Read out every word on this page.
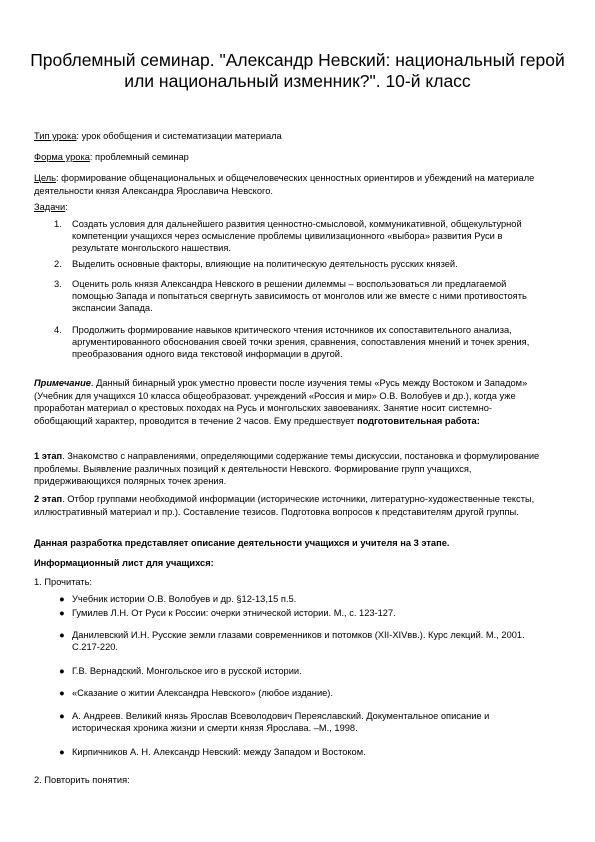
Проблемный семинар. "Александр Невский: национальный герой или национальный изменник?". 10-й класс
Тип урока: урок обобщения и систематизации материала
Форма урока: проблемный семинар
Цель: формирование общенациональных и общечеловеческих ценностных ориентиров и убеждений на материале деятельности князя Александра Ярославича Невского.
Задачи:
1. 1. Создать условия для дальнейшего развития ценностно-смысловой, коммуникативной, общекультурной компетенции учащихся через осмысление проблемы цивилизационного «выбора» развития Руси в результате монгольского нашествия.
2. 2. Выделить основные факторы, влияющие на политическую деятельность русских князей.
3. 3. Оценить роль князя Александра Невского в решении дилеммы – воспользоваться ли предлагаемой помощью Запада и попытаться свергнуть зависимость от монголов или же вместе с ними противостоять экспансии Запада.
4. 4. Продолжить формирование навыков критического чтения источников их сопоставительного анализа, аргументированного обоснования своей точки зрения, сравнения, сопоставления мнений и точек зрения, преобразования одного вида текстовой информации в другой.
Примечание. Данный бинарный урок уместно провести после изучения темы «Русь между Востоком и Западом» (Учебник для учащихся 10 класса общеобразоват. учреждений «Россия и мир» О.В. Волобуев и др.), когда уже проработан материал о крестовых походах на Русь и монгольских завоеваниях. Занятие носит системно-обобщающий характер, проводится в течение 2 часов. Ему предшествует подготовительная работа:
1 этап. Знакомство с направлениями, определяющими содержание темы дискуссии, постановка и формулирование проблемы. Выявление различных позиций к деятельности Невского. Формирование групп учащихся, придерживающихся полярных точек зрения.
2 этап. Отбор группами необходимой информации (исторические источники, литературно-художественные тексты, иллюстративный материал и пр.). Составление тезисов. Подготовка вопросов к представителям другой группы.
Данная разработка представляет описание деятельности учащихся и учителя на 3 этапе.
Информационный лист для учащихся:
1. Прочитать:
● Учебник истории О.В. Волобуев и др. §12-13,15 п.5.
● Гумилев Л.Н. От Руси к России: очерки этнической истории. М., с. 123-127.
● Данилевский И.Н. Русские земли глазами современников и потомков (XII-XIVвв.). Курс лекций. М., 2001. С.217-220.
● Г.В. Вернадский. Монгольское иго в русской истории.
● «Сказание о житии Александра Невского» (любое издание).
● А. Андреев. Великий князь Ярослав Всеволодович Переяславский. Документальное описание и историческая хроника жизни и смерти князя Ярослава. –М., 1998.
● Кирпичников А. Н. Александр Невский: между Западом и Востоком.
2. Повторить понятия:
